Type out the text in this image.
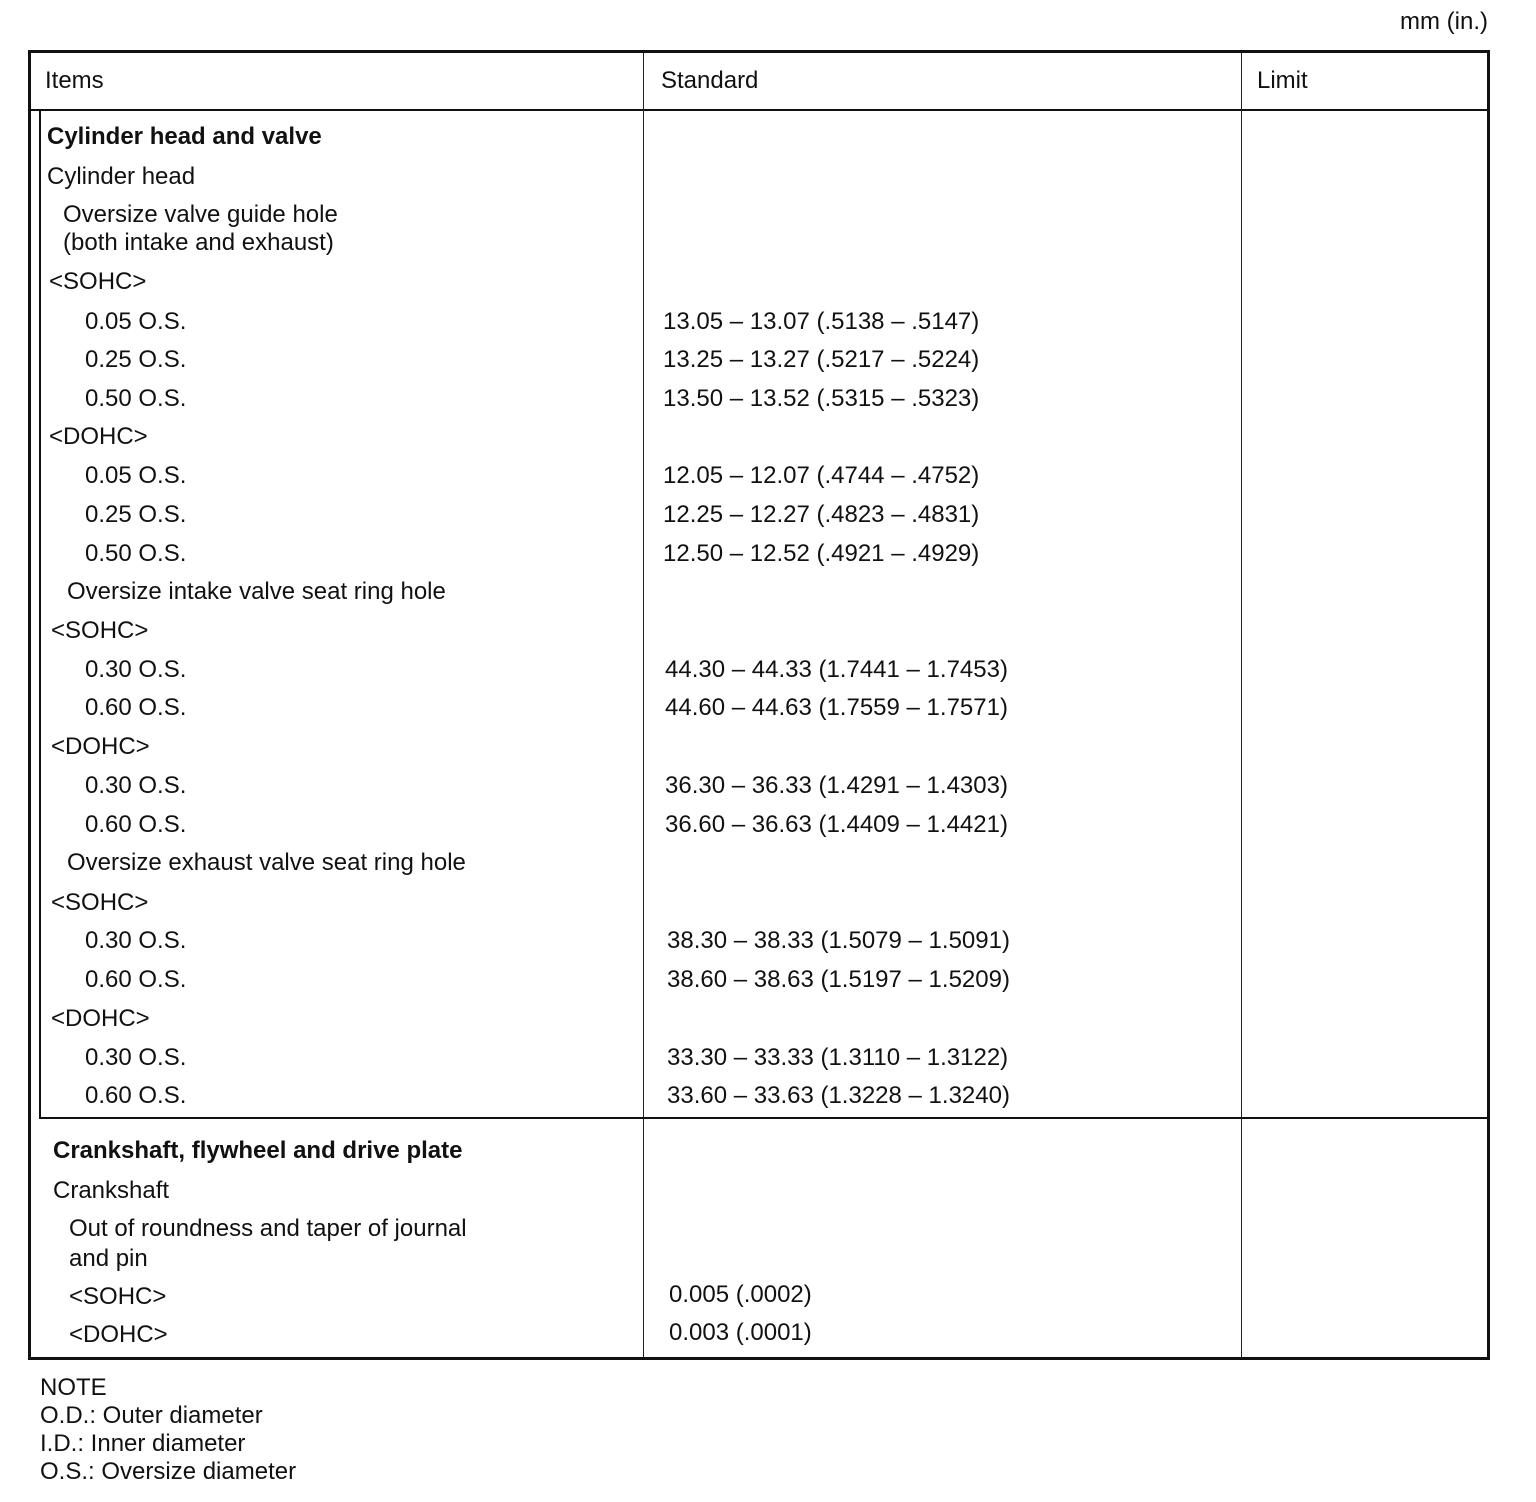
mm (in.)
Items	Standard	Limit
Cylinder head and valve
Cylinder head
Oversize valve guide hole
(both intake and exhaust)
<SOHC>
0.05 O.S.
0.25 O.S.
0.50 O.S.
<DOHC>
0.05 O.S.
0.25 O.S.
0.50 O.S.
Oversize intake valve seat ring hole
<SOHC>
0.30 O.S.
0.60 O.S.
<DOHC>
0.30 O.S.
0.60 O.S.
Oversize exhaust valve seat ring hole
<SOHC>
0.30 O.S.
0.60 O.S.
<DOHC>
0.30 O.S.
0.60 O.S.
13.05 – 13.07 (.5138 – .5147)
13.25 – 13.27 (.5217 – .5224)
13.50 – 13.52 (.5315 – .5323)
12.05 – 12.07 (.4744 – .4752)
12.25 – 12.27 (.4823 – .4831)
12.50 – 12.52 (.4921 – .4929)
44.30 – 44.33 (1.7441 – 1.7453)
44.60 – 44.63 (1.7559 – 1.7571)
36.30 – 36.33 (1.4291 – 1.4303)
36.60 – 36.63 (1.4409 – 1.4421)
38.30 – 38.33 (1.5079 – 1.5091)
38.60 – 38.63 (1.5197 – 1.5209)
33.30 – 33.33 (1.3110 – 1.3122)
33.60 – 33.63 (1.3228 – 1.3240)
Crankshaft, flywheel and drive plate
Crankshaft
Out of roundness and taper of journal
and pin
<SOHC>
<DOHC>
0.005 (.0002)
0.003 (.0001)
NOTE
O.D.: Outer diameter
I.D.: Inner diameter
O.S.: Oversize diameter
